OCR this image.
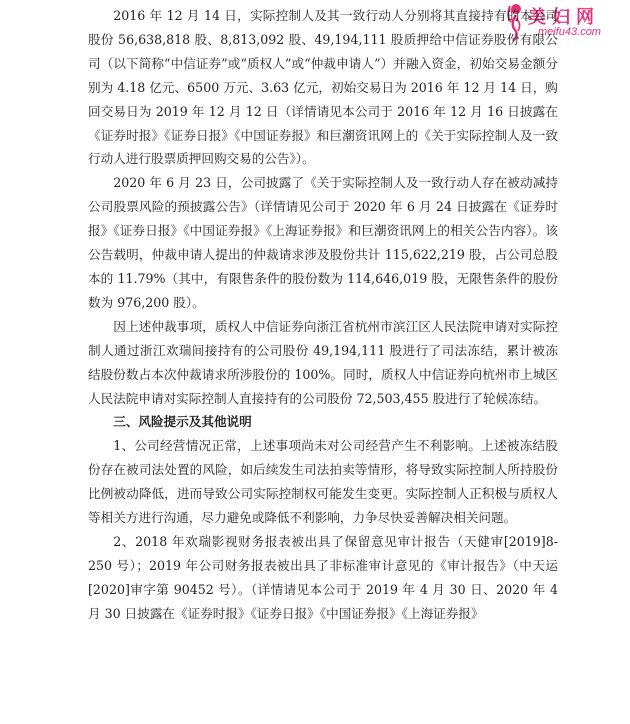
美妇网
meifu43.com

2016 年 12 月 14 日，实际控制人及其一致行动人分别将其直接持有的本公司股份 56,638,818 股、8,813,092 股、49,194,111 股质押给中信证券股份有限公司（以下简称“中信证券”或“质权人”或“仲裁申请人”）并融入资金，初始交易金额分别为 4.18 亿元、6500 万元、3.63 亿元，初始交易日为 2016 年 12 月 14 日，购回交易日为 2019 年 12 月 12 日（详情请见本公司于 2016 年 12 月 16 日披露在《证券时报》《证券日报》《中国证券报》和巨潮资讯网上的《关于实际控制人及一致行动人进行股票质押回购交易的公告》）。

2020 年 6 月 23 日，公司披露了《关于实际控制人及一致行动人存在被动减持公司股票风险的预披露公告》（详情请见公司于 2020 年 6 月 24 日披露在《证券时报》《证券日报》《中国证券报》《上海证券报》和巨潮资讯网上的相关公告内容）。该公告载明，仲裁申请人提出的仲裁请求涉及股份共计 115,622,219 股，占公司总股本的 11.79%（其中，有限售条件的股份数为 114,646,019 股，无限售条件的股份数为 976,200 股）。

因上述仲裁事项，质权人中信证券向浙江省杭州市滨江区人民法院申请对实际控制人通过浙江欢瑞间接持有的公司股份 49,194,111 股进行了司法冻结，累计被冻结股份数占本次仲裁请求所涉股份的 100%。同时，质权人中信证券向杭州市上城区人民法院申请对实际控制人直接持有的公司股份 72,503,455 股进行了轮候冻结。

三、风险提示及其他说明

1、公司经营情况正常，上述事项尚未对公司经营产生不利影响。上述被冻结股份存在被司法处置的风险，如后续发生司法拍卖等情形，将导致实际控制人所持股份比例被动降低，进而导致公司实际控制权可能发生变更。实际控制人正积极与质权人等相关方进行沟通，尽力避免或降低不利影响，力争尽快妥善解决相关问题。

2、2018 年欢瑞影视财务报表被出具了保留意见审计报告（天健审[2019]8-250 号）；2019 年公司财务报表被出具了非标准审计意见的《审计报告》（中天运[2020]审字第 90452 号）。（详情请见本公司于 2019 年 4 月 30 日、2020 年 4 月 30 日披露在《证券时报》《证券日报》《中国证券报》《上海证券报》
